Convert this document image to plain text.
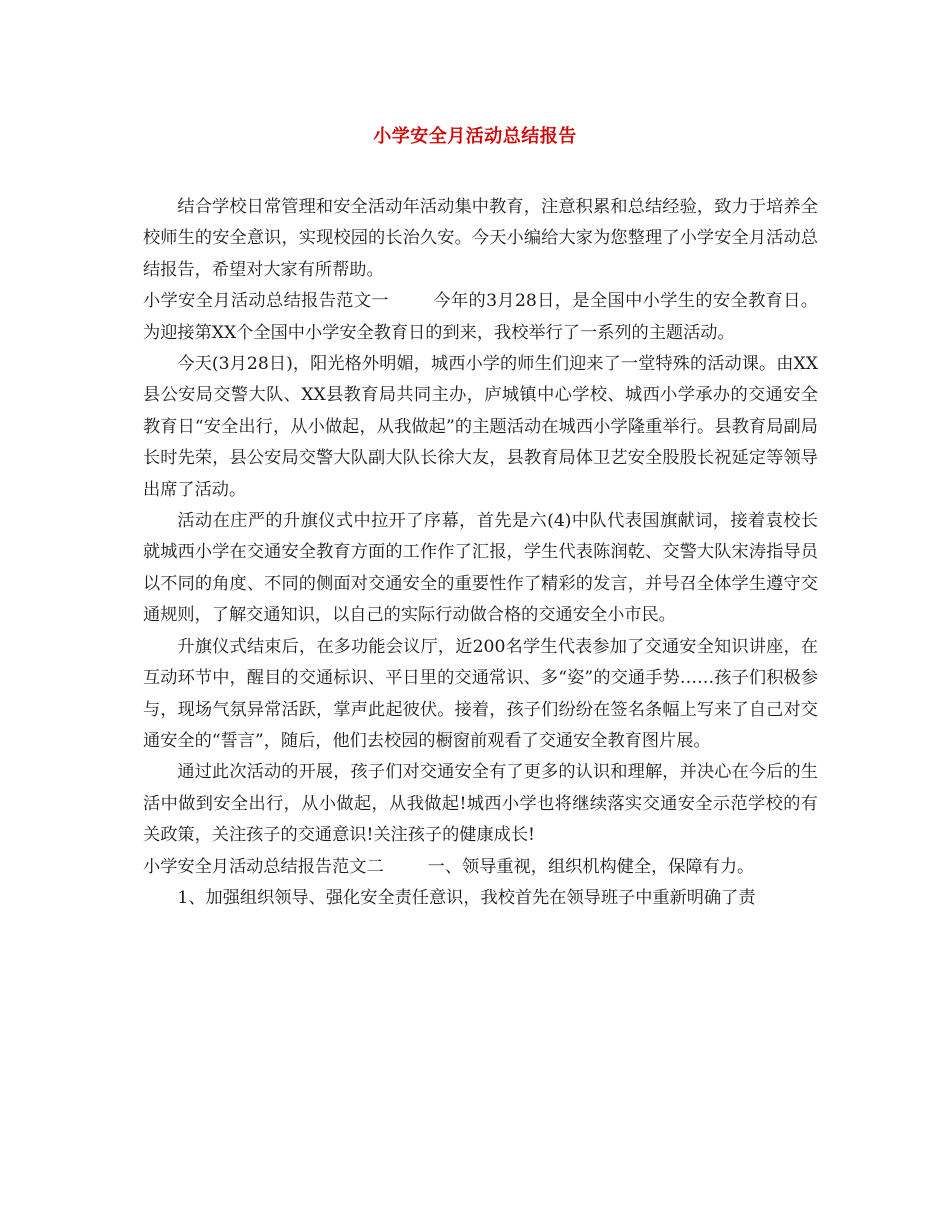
小学安全月活动总结报告

结合学校日常管理和安全活动年活动集中教育，注意积累和总结经验，致力于培养全校师生的安全意识，实现校园的长治久安。今天小编给大家为您整理了小学安全月活动总结报告，希望对大家有所帮助。

小学安全月活动总结报告范文一	今年的3月28日，是全国中小学生的安全教育日。为迎接第XX个全国中小学安全教育日的到来，我校举行了一系列的主题活动。

今天(3月28日)，阳光格外明媚，城西小学的师生们迎来了一堂特殊的活动课。由XX县公安局交警大队、XX县教育局共同主办，庐城镇中心学校、城西小学承办的交通安全教育日“安全出行，从小做起，从我做起”的主题活动在城西小学隆重举行。县教育局副局长时先荣，县公安局交警大队副大队长徐大友，县教育局体卫艺安全股股长祝延定等领导出席了活动。

活动在庄严的升旗仪式中拉开了序幕，首先是六(4)中队代表国旗献词，接着袁校长就城西小学在交通安全教育方面的工作作了汇报，学生代表陈润乾、交警大队宋涛指导员以不同的角度、不同的侧面对交通安全的重要性作了精彩的发言，并号召全体学生遵守交通规则，了解交通知识，以自己的实际行动做合格的交通安全小市民。

升旗仪式结束后，在多功能会议厅，近200名学生代表参加了交通安全知识讲座，在互动环节中，醒目的交通标识、平日里的交通常识、多“姿”的交通手势……孩子们积极参与，现场气氛异常活跃，掌声此起彼伏。接着，孩子们纷纷在签名条幅上写来了自己对交通安全的“誓言”，随后，他们去校园的橱窗前观看了交通安全教育图片展。

通过此次活动的开展，孩子们对交通安全有了更多的认识和理解，并决心在今后的生活中做到安全出行，从小做起，从我做起!城西小学也将继续落实交通安全示范学校的有关政策，关注孩子的交通意识!关注孩子的健康成长!

小学安全月活动总结报告范文二	一、领导重视，组织机构健全，保障有力。

1、加强组织领导、强化安全责任意识，我校首先在领导班子中重新明确了责
